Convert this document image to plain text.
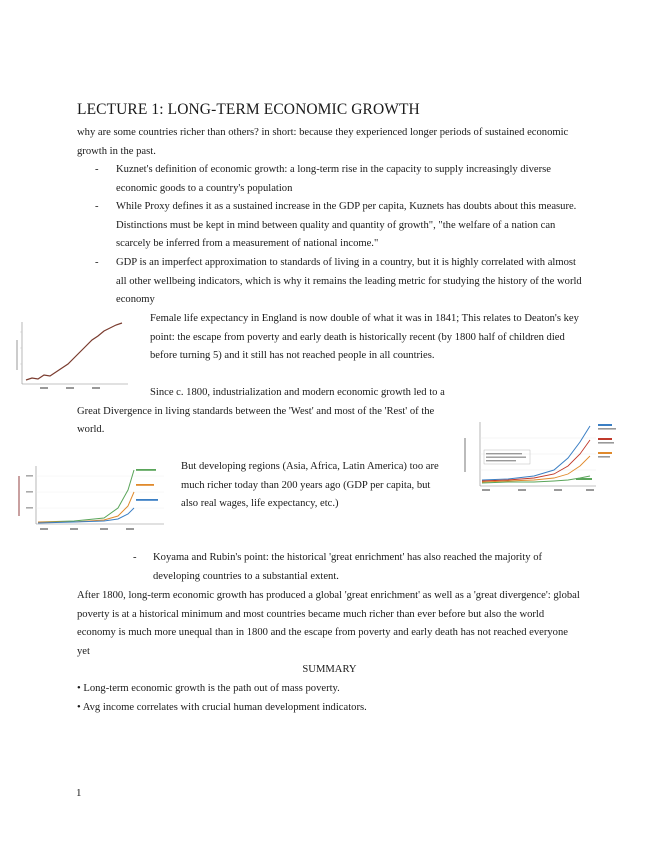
LECTURE 1: LONG-TERM ECONOMIC GROWTH
why are some countries richer than others? in short: because they experienced longer periods of sustained economic growth in the past.
- Kuznet's definition of economic growth: a long-term rise in the capacity to supply increasingly diverse economic goods to a country's population
- While Proxy defines it as a sustained increase in the GDP per capita, Kuznets has doubts about this measure. Distinctions must be kept in mind between quality and quantity of growth", "the welfare of a nation can scarcely be inferred from a measurement of national income."
- GDP is an imperfect approximation to standards of living in a country, but it is highly correlated with almost all other wellbeing indicators, which is why it remains the leading metric for studying the history of the world economy
Female life expectancy in England is now double of what it was in 1841; This relates to Deaton's key point: the escape from poverty and early death is historically recent (by 1800 half of children died before turning 5) and it still has not reached people in all countries.
Since c. 1800, industrialization and modern economic growth led to a Great Divergence in living standards between the 'West' and most of the 'Rest' of the world.
But developing regions (Asia, Africa, Latin America) too are much richer today than 200 years ago (GDP per capita, but also real wages, life expectancy, etc.)
- Koyama and Rubin's point: the historical 'great enrichment' has also reached the majority of developing countries to a substantial extent.
After 1800, long-term economic growth has produced a global 'great enrichment' as well as a 'great divergence': global poverty is at a historical minimum and most countries became much richer than ever before but also the world economy is much more unequal than in 1800 and the escape from poverty and early death has not reached everyone yet
SUMMARY
• Long-term economic growth is the path out of mass poverty.
• Avg income correlates with crucial human development indicators.
1
